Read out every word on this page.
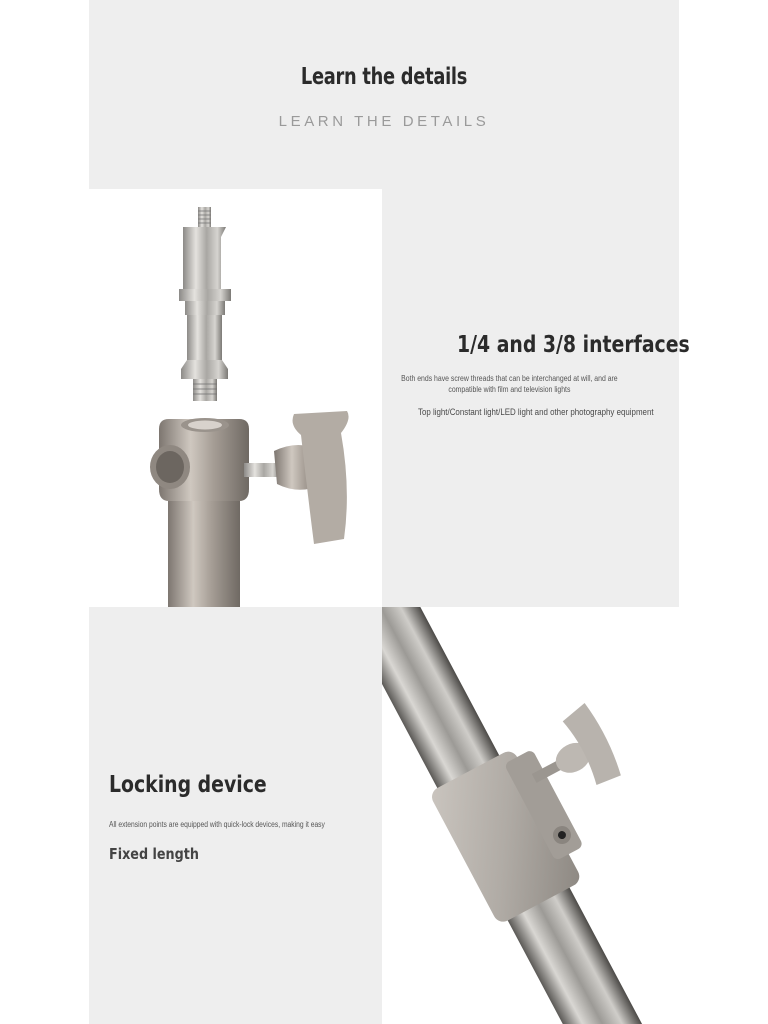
Learn the details
LEARN THE DETAILS
1/4 and 3/8 interfaces
Both ends have screw threads that can be interchanged at will, and are compatible with film and television lights
Top light/Constant light/LED light and other photography equipment
Locking device
All extension points are equipped with quick-lock devices, making it easy
Fixed length
